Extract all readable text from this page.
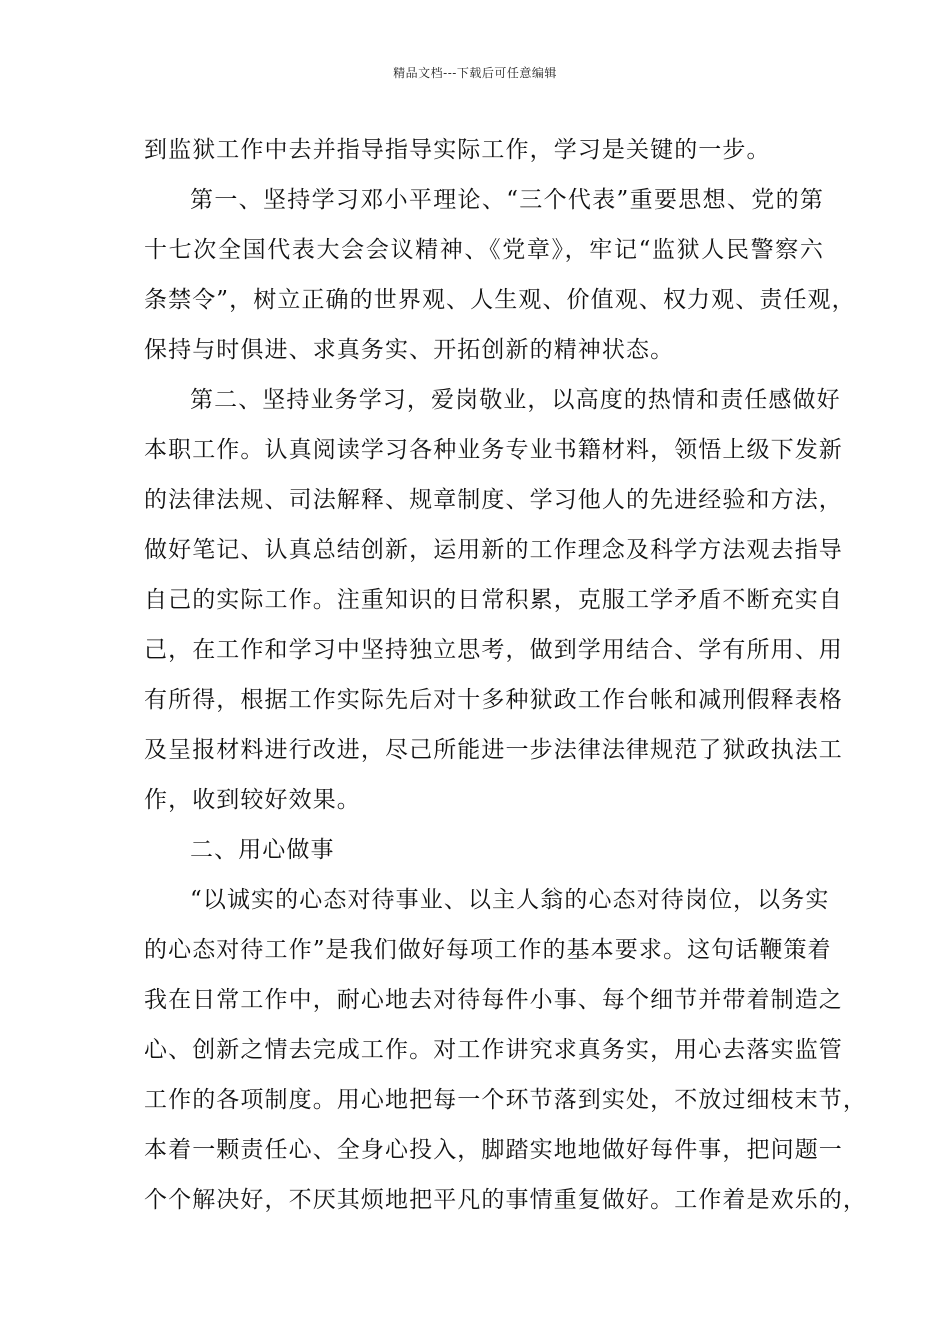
精品文档---下载后可任意编辑
到监狱工作中去并指导指导实际工作，学习是关键的一步。
第一、坚持学习邓小平理论、“三个代表”重要思想、党的第
十七次全国代表大会会议精神、《党章》，牢记“监狱人民警察六
条禁令”，树立正确的世界观、人生观、价值观、权力观、责任观，
保持与时俱进、求真务实、开拓创新的精神状态。
第二、坚持业务学习，爱岗敬业，以高度的热情和责任感做好
本职工作。认真阅读学习各种业务专业书籍材料，领悟上级下发新
的法律法规、司法解释、规章制度、学习他人的先进经验和方法，
做好笔记、认真总结创新，运用新的工作理念及科学方法观去指导
自己的实际工作。注重知识的日常积累，克服工学矛盾不断充实自
己，在工作和学习中坚持独立思考，做到学用结合、学有所用、用
有所得，根据工作实际先后对十多种狱政工作台帐和减刑假释表格
及呈报材料进行改进，尽己所能进一步法律法律规范了狱政执法工
作，收到较好效果。
二、用心做事
“以诚实的心态对待事业、以主人翁的心态对待岗位，以务实
的心态对待工作”是我们做好每项工作的基本要求。这句话鞭策着
我在日常工作中，耐心地去对待每件小事、每个细节并带着制造之
心、创新之情去完成工作。对工作讲究求真务实，用心去落实监管
工作的各项制度。用心地把每一个环节落到实处，不放过细枝末节，
本着一颗责任心、全身心投入，脚踏实地地做好每件事，把问题一
个个解决好，不厌其烦地把平凡的事情重复做好。工作着是欢乐的，
